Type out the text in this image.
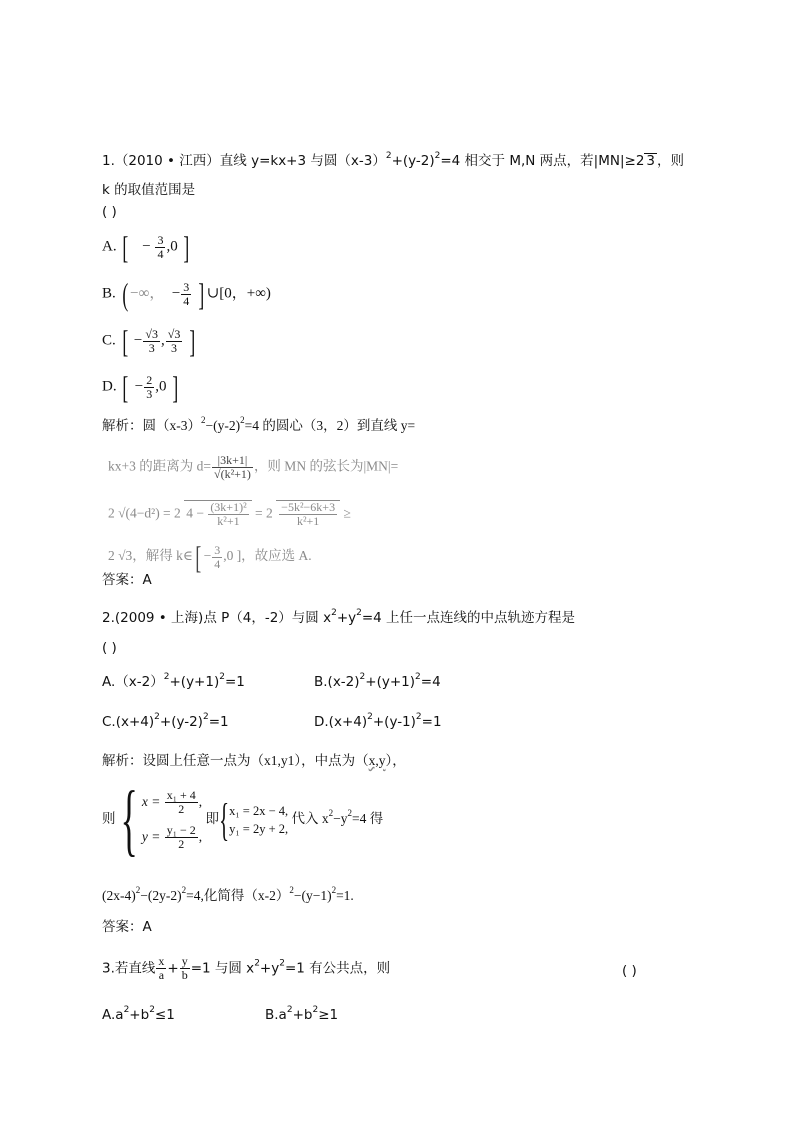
1.（2010 • 江西）直线 y=kx+3 与圆$(x-3)^2+(y-2)^2=4$ 相交于 M,N 两点，若|MN|≥2 3 ，则
k 的取值范围是
( )
A. [   − $\frac{3}{4} ,0$ ]
B. ( −∞，  − $\frac{3}{4}$ ] ∪[0，+∞)
C. [ − $\frac{√3}{3}$ , $\frac{√3}{3}$ ]
D. [ − $\frac{2}{3} ,0$ ]
解析：圆$(x-3)^2-(y-2)^2=4$ 的圆心（3，2）到直线 y=
kx+3 的距离为 $d= \frac{|3k+1|}{\text{√(k²+1)}}$ ，则 MN 的弦长为|MN|=
2 √(4−d²) = 2 $4 - \frac{\text{(3k+1)²}}{\text{k²+1}} = 2 \frac{\text{−5k²−6k+3}}{\text{k²+1}}$ ≥
2 √3，解得 k∈[ − $\frac{3}{4} ,0$ ]，故应选 A.
答案：A
2.(2009 • 上海)点 P（4，-2）与圆 $x^2+y^2=4$ 上任一点连线的中点轨迹方程是
( )
$A.(x-2)^2+(y+1)^2=1$	$B.(x-2)^2+(y+1)^2=4$
$C.(x+4)^2+(y-2)^2=1$	$D.(x+4)^2+(y-1)^2=1$
解析：设圆上任意一点为（x1,y1），中点为（x,y），
则{ $x = \frac{\text{x₁ + 4}}{2}$ ,
$y = \frac{\text{y₁ − 2}}{2}$ ,
即{ x₁ = 2x − 4,
y₁ = 2y + 2,
代入 $x^2-y^2=4$ 得
$(2x-4)^2-(2y-2)^2=4$,化简得$(x-2)^2-(y-1)^2=1$.
答案：A
3.若直线 $\frac{x}{a} + \frac{y}{b} =1$ 与圆 $x^2+y^2=1$ 有公共点，则	( )
$A.a^2+b^2\le 1$	$B.a^2+b^2\ge 1$
